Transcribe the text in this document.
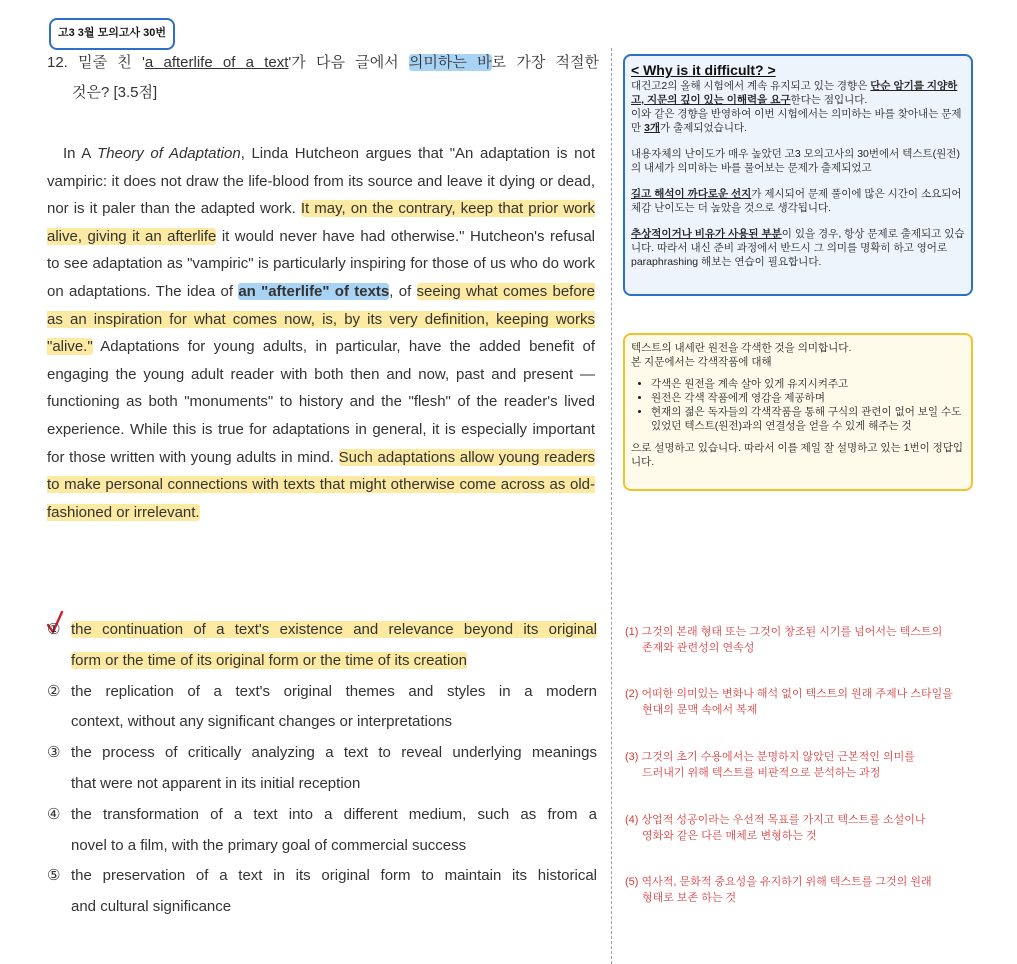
고3 3월 모의고사 30번
12. 밑줄 친 'a afterlife of a text'가 다음 글에서 의미하는 바로 가장 적절한
것은? [3.5점]

In A Theory of Adaptation, Linda Hutcheon argues that "An adaptation is not vampiric: it does not draw the life-blood from its source and leave it dying or dead, nor is it paler than the adapted work. It may, on the contrary, keep that prior work alive, giving it an afterlife it would never have had otherwise." Hutcheon's refusal to see adaptation as "vampiric" is particularly inspiring for those of us who do work on adaptations. The idea of an "afterlife" of texts, of seeing what comes before as an inspiration for what comes now, is, by its very definition, keeping works "alive." Adaptations for young adults, in particular, have the added benefit of engaging the young adult reader with both then and now, past and present — functioning as both "monuments" to history and the "flesh" of the reader's lived experience. While this is true for adaptations in general, it is especially important for those written with young adults in mind. Such adaptations allow young readers to make personal connections with texts that might otherwise come across as old-fashioned or irrelevant.

① the continuation of a text's existence and relevance beyond its original
form or the time of its original form or the time of its creation
② the replication of a text's original themes and styles in a modern
context, without any significant changes or interpretations
③ the process of critically analyzing a text to reveal underlying meanings
that were not apparent in its initial reception
④ the transformation of a text into a different medium, such as from a
novel to a film, with the primary goal of commercial success
⑤ the preservation of a text in its original form to maintain its historical
and cultural significance
< Why is it difficult? >

대건고2의 올해 시험에서 계속 유지되고 있는 경향은 단순 암기를 지양하고, 지문의 깊이 있는 이해력을 요구한다는 점입니다.
이와 같은 경향을 반영하여 이번 시험에서는 의미하는 바를 찾아내는 문제만 3개가 출제되었습니다.

내용자체의 난이도가 매우 높았던 고3 모의고사의 30번에서 텍스트(원전)의 내세가 의미하는 바를 물어보는 문제가 출제되었고

길고 해석이 까다로운 선지가 제시되어 문제 풀이에 많은 시간이 소요되어 체감 난이도는 더 높았을 것으로 생각됩니다.

추상적이거나 비유가 사용된 부분이 있을 경우, 항상 문제로 출제되고 있습니다. 따라서 내신 준비 과정에서 반드시 그 의미를 명확히 하고 영어로 paraphrashing 해보는 연습이 필요합니다.

텍스트의 내세란 원전을 각색한 것을 의미합니다.

본 지문에서는 각색작품에 대해

• 각색은 원전을 계속 살아 있게 유지시켜주고
• 원전은 각색 작품에게 영감을 제공하며
• 현재의 젊은 독자들의 각색작품을 통해 구식의 관련이 없어 보일 수도 있었던 텍스트(원전)과의 연결성을 얻을 수 있게 해주는 것

으로 설명하고 있습니다. 따라서 이를 제일 잘 설명하고 있는 1번이 정답입니다.

(1) 그것의 본래 형태 또는 그것이 창조된 시기를 넘어서는 텍스트의
존재와 관련성의 연속성
(2) 어떠한 의미있는 변화나 해석 없이 텍스트의 원래 주제나 스타일을
현대의 문맥 속에서 복제
(3) 그것의 초기 수용에서는 분명하지 않았던 근본적인 의미를
드러내기 위해 텍스트를 비판적으로 분석하는 과정
(4) 상업적 성공이라는 우선적 목표를 가지고 텍스트를 소설이나
영화와 같은 다른 매체로 변형하는 것
(5) 역사적, 문화적 중요성을 유지하기 위해 텍스트를 그것의 원래
형태로 보존 하는 것
